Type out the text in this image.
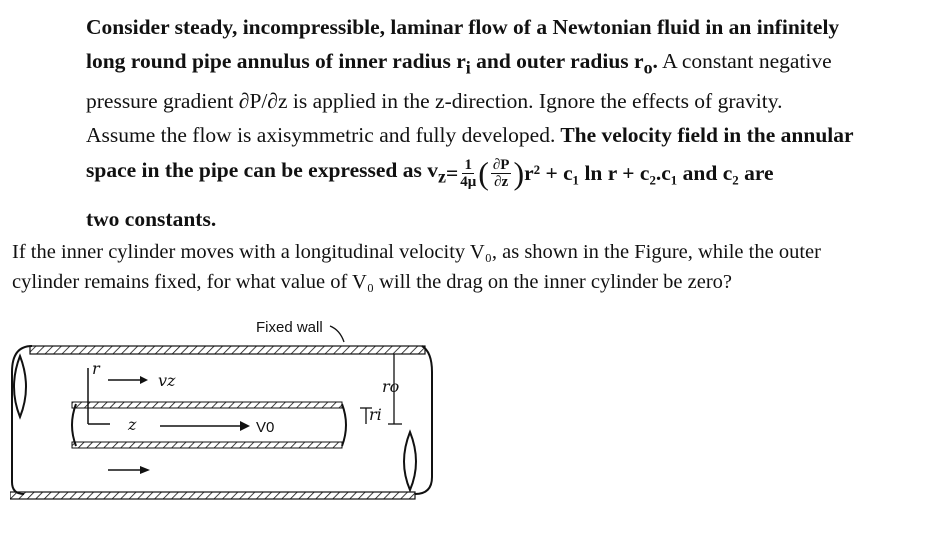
Consider steady, incompressible, laminar flow of a Newtonian fluid in an infinitely
long round pipe annulus of inner radius $r_i$ and outer radius $r_o$. A constant negative
pressure gradient ∂P/∂z is applied in the z-direction. Ignore the effects of gravity.
Assume the flow is axisymmetric and fully developed. The velocity field in the annular
space in the pipe can be expressed as $v_z = \frac{1}{4\mu}$ ( $\frac{\partial P}{\partial z}$ ) r² + c₁ ln r + c₂. c₁ and c₂ are
two constants.
If the inner cylinder moves with a longitudinal velocity V₀, as shown in the Figure, while the outer
cylinder remains fixed, for what value of V₀ will the drag on the inner cylinder be zero?
r
z
vz
V0
Fixed wall
ro
ri
